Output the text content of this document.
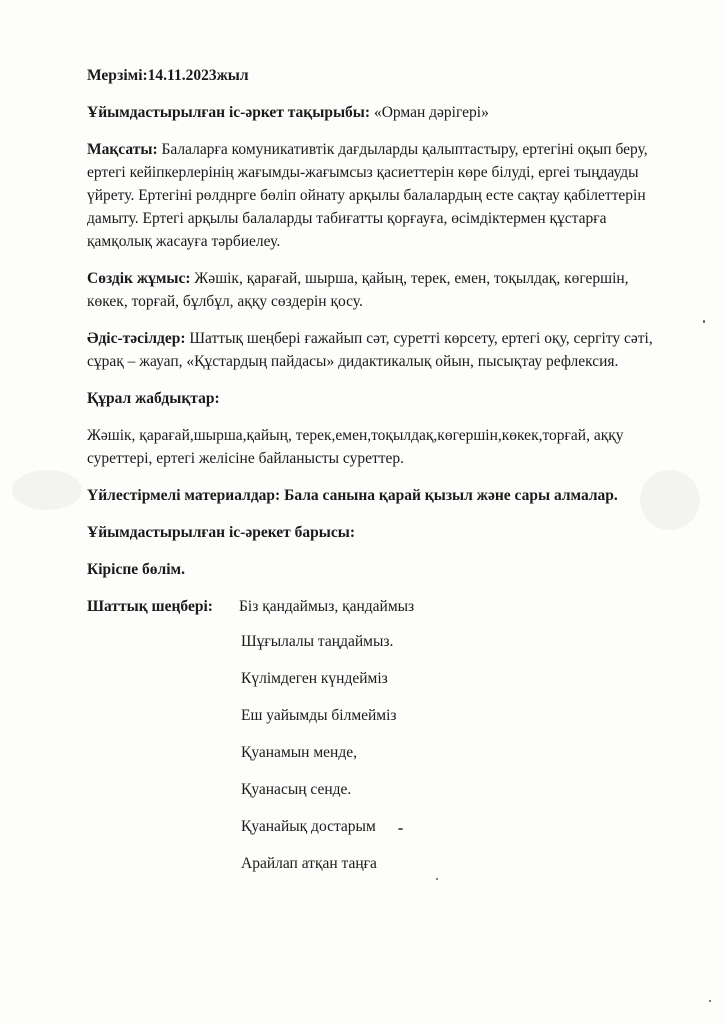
Мерзімі:14.11.2023жыл

Ұйымдастырылған іс-әркет тақырыбы: «Орман дәрігері»

Мақсаты: Балаларға комуникативтік дағдыларды қалыптастыру, ертегіні оқып беру, ертегі кейіпкерлерінің жағымды-жағымсыз қасиеттерін көре білуді, ергеі тыңдауды үйрету. Ертегіні рөлднрге бөліп ойнату арқылы балалардың есте сақтау қабілеттерін дамыту. Ертегі арқылы балаларды табиғатты қорғауға, өсімдіктермен құстарға қамқолық жасауға тәрбиелеу.

Сөздік жұмыс: Жәшік, қарағай, шырша, қайың, терек, емен, тоқылдақ, көгершін, көкек, торғай, бұлбұл, аққу сөздерін қосу.

Әдіс-тәсілдер: Шаттық шеңбері ғажайып сәт, суретті көрсету, ертегі оқу, сергіту сәті, сұрақ – жауап, «Құстардың пайдасы» дидактикалық ойын, пысықтау рефлексия.

Құрал жабдықтар:

Жәшік, қарағай,шырша,қайың, терек,емен,тоқылдақ,көгершін,көкек,торғай, аққу суреттері, ертегі желісіне байланысты суреттер.

Үйлестірмелі материалдар: Бала санына қарай қызыл және сары алмалар.

Ұйымдастырылған іс-әрекет барысы:

Кіріспе бөлім.

Шаттық шеңбері:	Біз қандаймыз, қандаймыз
Шұғылалы таңдаймыз.
Күлімдеген күндейміз
Еш уайымды білмейміз
Қуанамын менде,
Қуанасың сенде.
Қуанайық достарым
Арайлап атқан таңға
